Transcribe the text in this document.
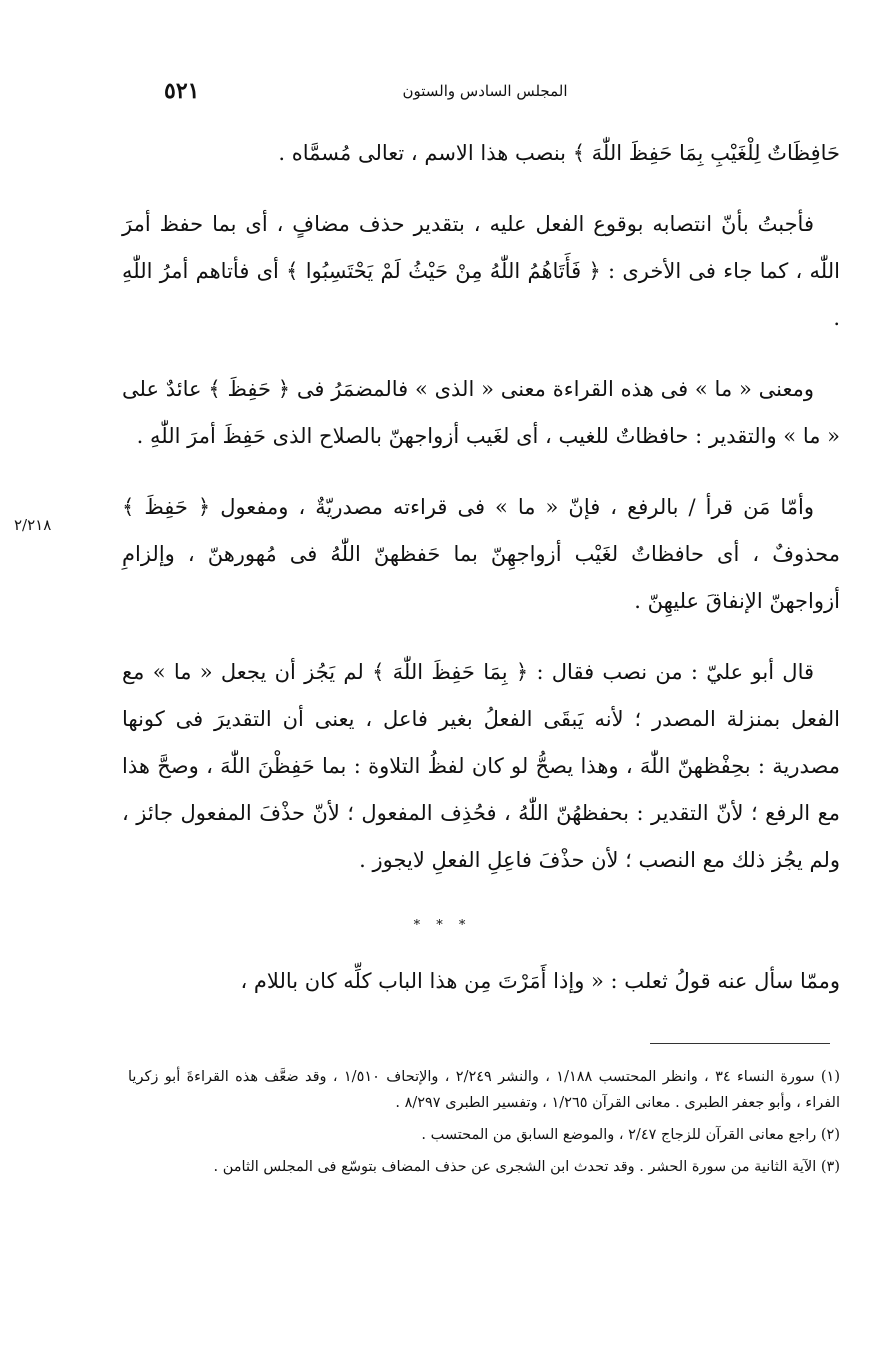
المجلس السادس والستون
٥٢١

حَافِظَاتٌ لِلْغَيْبِ بِمَا حَفِظَ اللّٰهَ ﴾ بنصب هذا الاسم ، تعالى مُسمَّاه .

فأجبتُ بأنّ انتصابه بوقوع الفعل عليه ، بتقدير حذف مضافٍ ، أى بما حفظ أمرَ اللّٰه ، كما جاء فى الأخرى : ﴿ فَأَتَاهُمُ اللّٰهُ مِنْ حَيْثُ لَمْ يَحْتَسِبُوا ﴾ أى فأتاهم أمرُ اللّٰهِ .

ومعنى « ما » فى هذه القراءة معنى « الذى » فالمضمَرُ فى ﴿ حَفِظَ ﴾ عائدٌ على « ما » والتقدير : حافظاتٌ للغيب ، أى لغَيب أزواجهنّ بالصلاح الذى حَفِظَ أمرَ اللّٰهِ .

وأمّا مَن قرأ / بالرفع ، فإنّ « ما » فى قراءته مصدريّةٌ ، ومفعول ﴿ حَفِظَ ﴾ محذوفٌ ، أى حافظاتٌ لغَيْب أزواجهِنّ بما حَفظهنّ اللّٰهُ فى مُهورهنّ ، وإلزامِ أزواجهنّ الإنفاقَ عليهِنّ .

قال أبو عليّ : من نصب فقال : ﴿ بِمَا حَفِظَ اللّٰهَ ﴾ لم يَجُز أن يجعل « ما » مع الفعل بمنزلة المصدر ؛ لأنه يَبقَى الفعلُ بغير فاعل ، يعنى أن التقديرَ فى كونها مصدرية : بحِفْظهنّ اللّٰهَ ، وهذا يصحُّ لو كان لفظُ التلاوة : بما حَفِظْنَ اللّٰهَ ، وصحَّ هذا مع الرفع ؛ لأنّ التقدير : بحفظهُنّ اللّٰهُ ، فحُذِف المفعول ؛ لأنّ حذْفَ المفعول جائز ، ولم يجُز ذلك مع النصب ؛ لأن حذْفَ فاعِلِ الفعلِ لايجوز .

٢/٢١٨
* * *
وممّا سأل عنه قولُ ثعلب : « وإذا أَمَرْتَ مِن هذا الباب كلِّه كان باللام ،

(١) سورة النساء ٣٤ ، وانظر المحتسب ١/١٨٨ ، والنشر ٢/٢٤٩ ، والإتحاف ١/٥١٠ ، وقد ضعَّف هذه القراءةَ أبو زكريا الفراء ، وأبو جعفر الطبرى . معانى القرآن ١/٢٦٥ ، وتفسير الطبرى ٨/٢٩٧ .

(٢) راجع معانى القرآن للزجاج ٢/٤٧ ، والموضع السابق من المحتسب .

(٣) الآية الثانية من سورة الحشر . وقد تحدث ابن الشجرى عن حذف المضاف بتوسّع فى المجلس الثامن .
